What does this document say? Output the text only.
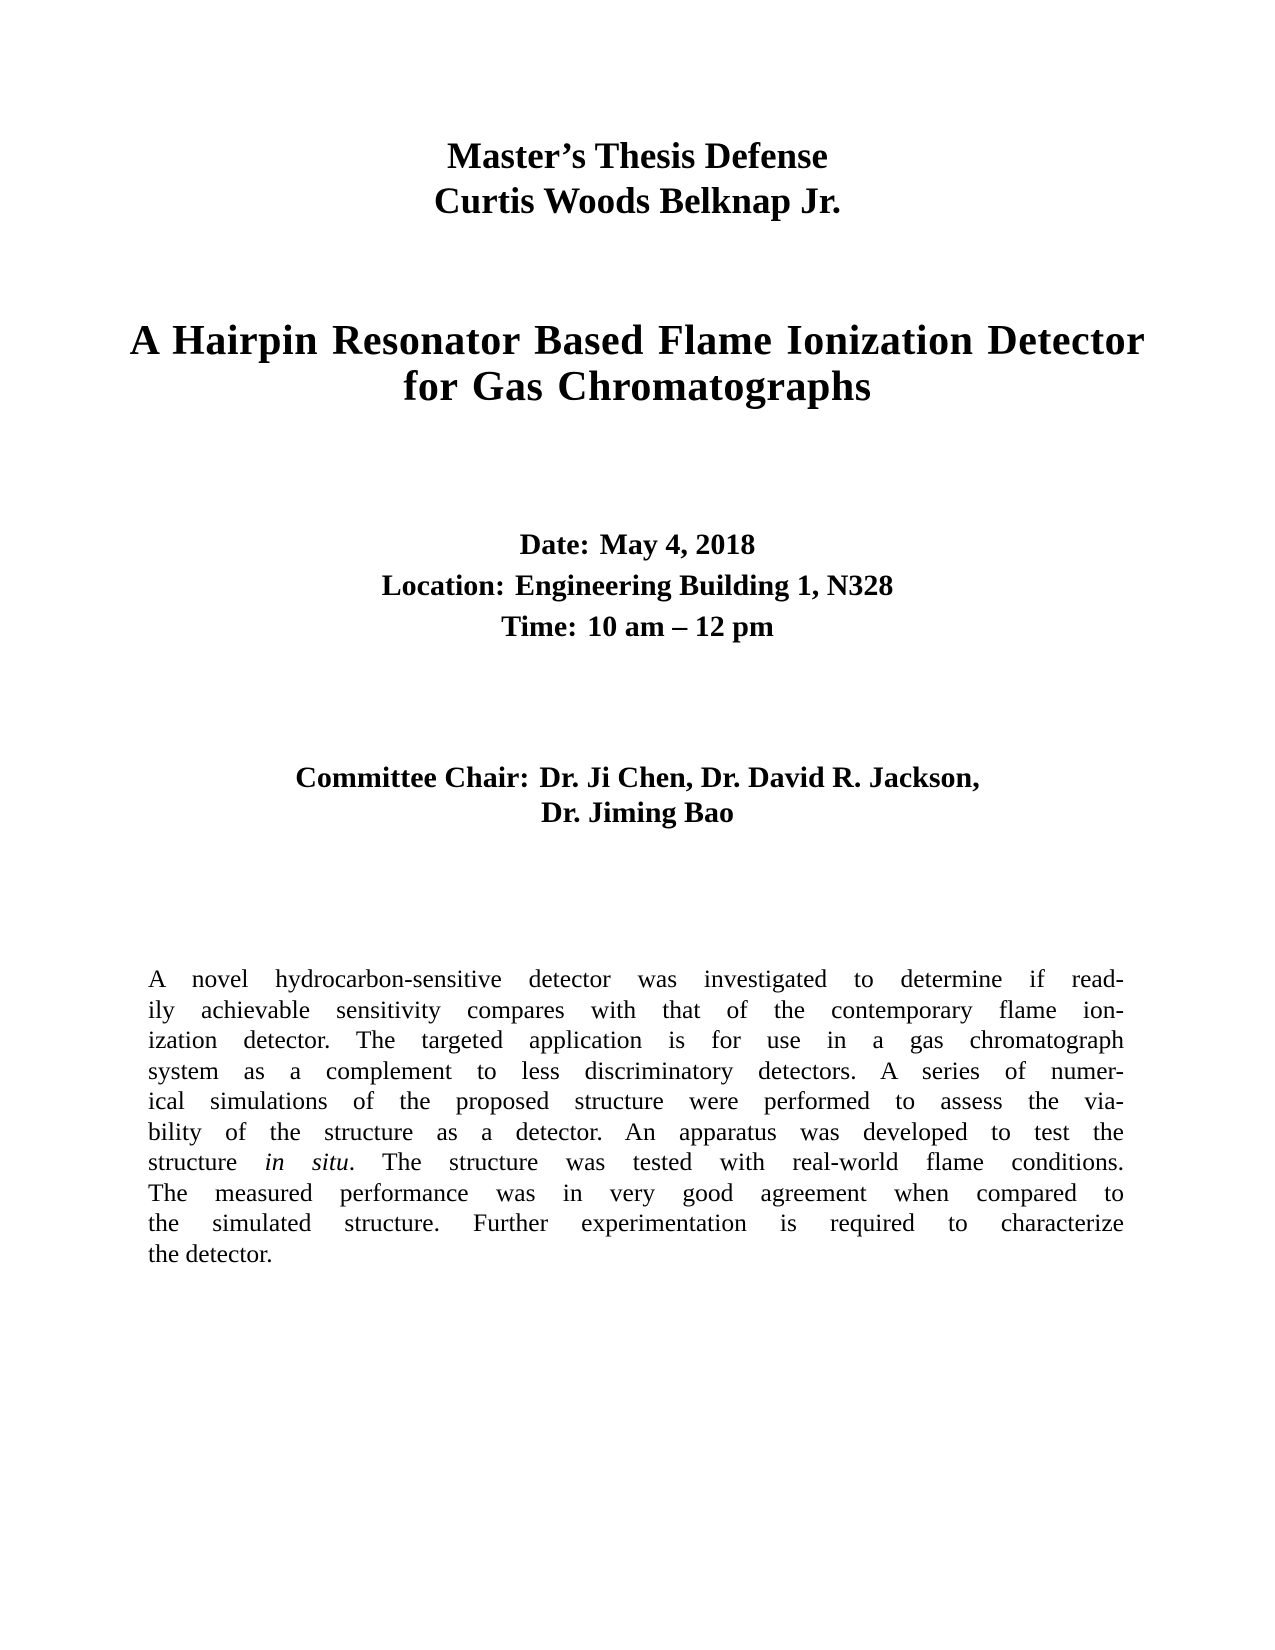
Master’s Thesis Defense
Curtis Woods Belknap Jr.
A Hairpin Resonator Based Flame Ionization Detector
for Gas Chromatographs
Date: May 4, 2018
Location: Engineering Building 1, N328
Time: 10 am – 12 pm
Committee Chair: Dr. Ji Chen, Dr. David R. Jackson,
Dr. Jiming Bao
A novel hydrocarbon-sensitive detector was investigated to determine if read-
ily achievable sensitivity compares with that of the contemporary flame ion-
ization detector. The targeted application is for use in a gas chromatograph
system as a complement to less discriminatory detectors. A series of numer-
ical simulations of the proposed structure were performed to assess the via-
bility of the structure as a detector. An apparatus was developed to test the
structure in situ. The structure was tested with real-world flame conditions.
The measured performance was in very good agreement when compared to
the simulated structure. Further experimentation is required to characterize
the detector.
